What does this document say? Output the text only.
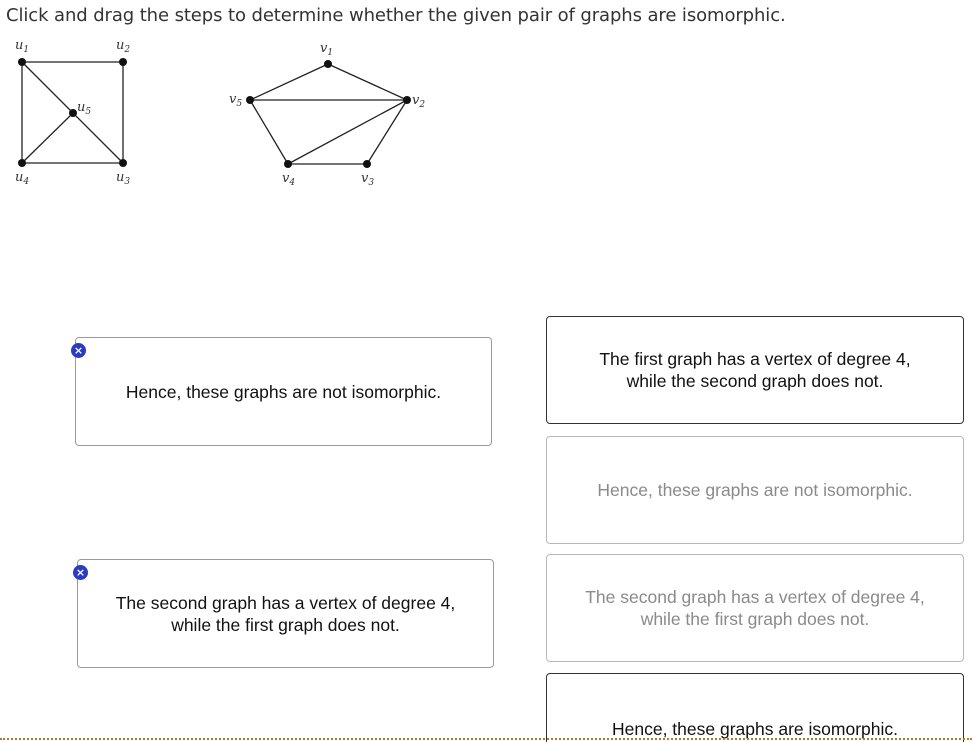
Click and drag the steps to determine whether the given pair of graphs are isomorphic.
$u_1$	$u_2$
$u_3$
$u_4$
$u_5$
$v_1$
$v_2$
$v_3$
$v_4$
$v_5$
×
Hence, these graphs are not isomorphic.
×
The second graph has a vertex of degree 4,
while the first graph does not.
The first graph has a vertex of degree 4,
while the second graph does not.
Hence, these graphs are not isomorphic.
The second graph has a vertex of degree 4,
while the first graph does not.
Hence, these graphs are isomorphic.
